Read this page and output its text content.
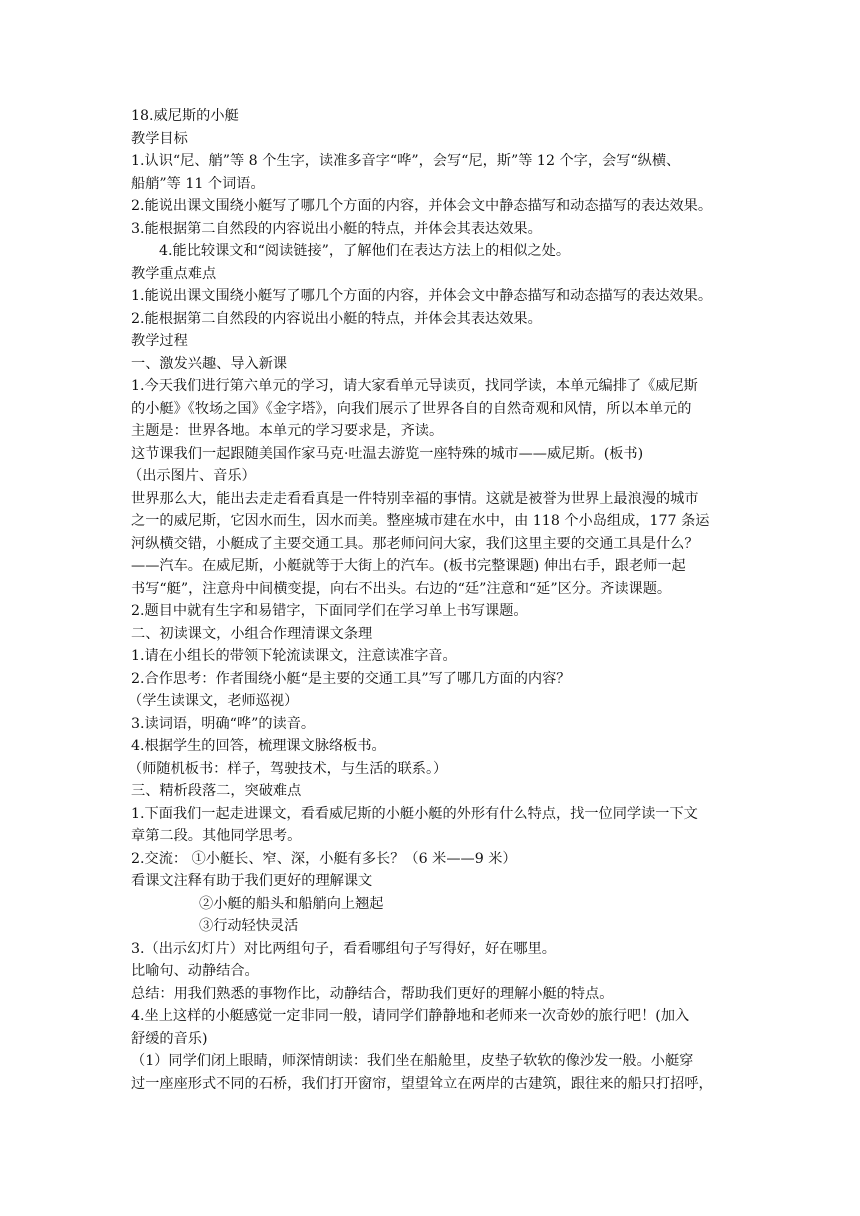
18.威尼斯的小艇

教学目标

1.认识“尼、艄”等 8 个生字，读准多音字“哗”，会写“尼，斯”等 12 个字，会写“纵横、

船艄”等 11 个词语。

2.能说出课文围绕小艇写了哪几个方面的内容，并体会文中静态描写和动态描写的表达效果。

3.能根据第二自然段的内容说出小艇的特点，并体会其表达效果。

4.能比较课文和“阅读链接”，了解他们在表达方法上的相似之处。

教学重点难点

1.能说出课文围绕小艇写了哪几个方面的内容，并体会文中静态描写和动态描写的表达效果。

2.能根据第二自然段的内容说出小艇的特点，并体会其表达效果。

教学过程

一、激发兴趣、导入新课

1.今天我们进行第六单元的学习，请大家看单元导读页，找同学读，本单元编排了《威尼斯

的小艇》《牧场之国》《金字塔》，向我们展示了世界各自的自然奇观和风情，所以本单元的

主题是：世界各地。本单元的学习要求是，齐读。

这节课我们一起跟随美国作家马克·吐温去游览一座特殊的城市——威尼斯。(板书)

（出示图片、音乐）

世界那么大，能出去走走看看真是一件特别幸福的事情。这就是被誉为世界上最浪漫的城市

之一的威尼斯，它因水而生，因水而美。整座城市建在水中，由 118 个小岛组成，177 条运

河纵横交错，小艇成了主要交通工具。那老师问问大家，我们这里主要的交通工具是什么？

——汽车。在威尼斯，小艇就等于大街上的汽车。(板书完整课题) 伸出右手，跟老师一起

书写“艇”，注意舟中间横变提，向右不出头。右边的“廷”注意和“延”区分。齐读课题。

2.题目中就有生字和易错字，下面同学们在学习单上书写课题。

二、初读课文，小组合作理清课文条理

1.请在小组长的带领下轮流读课文，注意读准字音。

2.合作思考：作者围绕小艇“是主要的交通工具”写了哪几方面的内容？

（学生读课文，老师巡视）

3.读词语，明确“哗”的读音。

4.根据学生的回答，梳理课文脉络板书。

（师随机板书：样子，驾驶技术，与生活的联系。）

三、精析段落二，突破难点

1.下面我们一起走进课文，看看威尼斯的小艇小艇的外形有什么特点，找一位同学读一下文

章第二段。其他同学思考。

2.交流： ①小艇长、窄、深，小艇有多长？（6 米——9 米）

看课文注释有助于我们更好的理解课文

②小艇的船头和船艄向上翘起

③行动轻快灵活

3.（出示幻灯片）对比两组句子，看看哪组句子写得好，好在哪里。

比喻句、动静结合。

总结：用我们熟悉的事物作比，动静结合，帮助我们更好的理解小艇的特点。

4.坐上这样的小艇感觉一定非同一般，请同学们静静地和老师来一次奇妙的旅行吧！(加入

舒缓的音乐)

（1）同学们闭上眼睛，师深情朗读：我们坐在船舱里，皮垫子软软的像沙发一般。小艇穿

过一座座形式不同的石桥，我们打开窗帘，望望耸立在两岸的古建筑，跟往来的船只打招呼，
